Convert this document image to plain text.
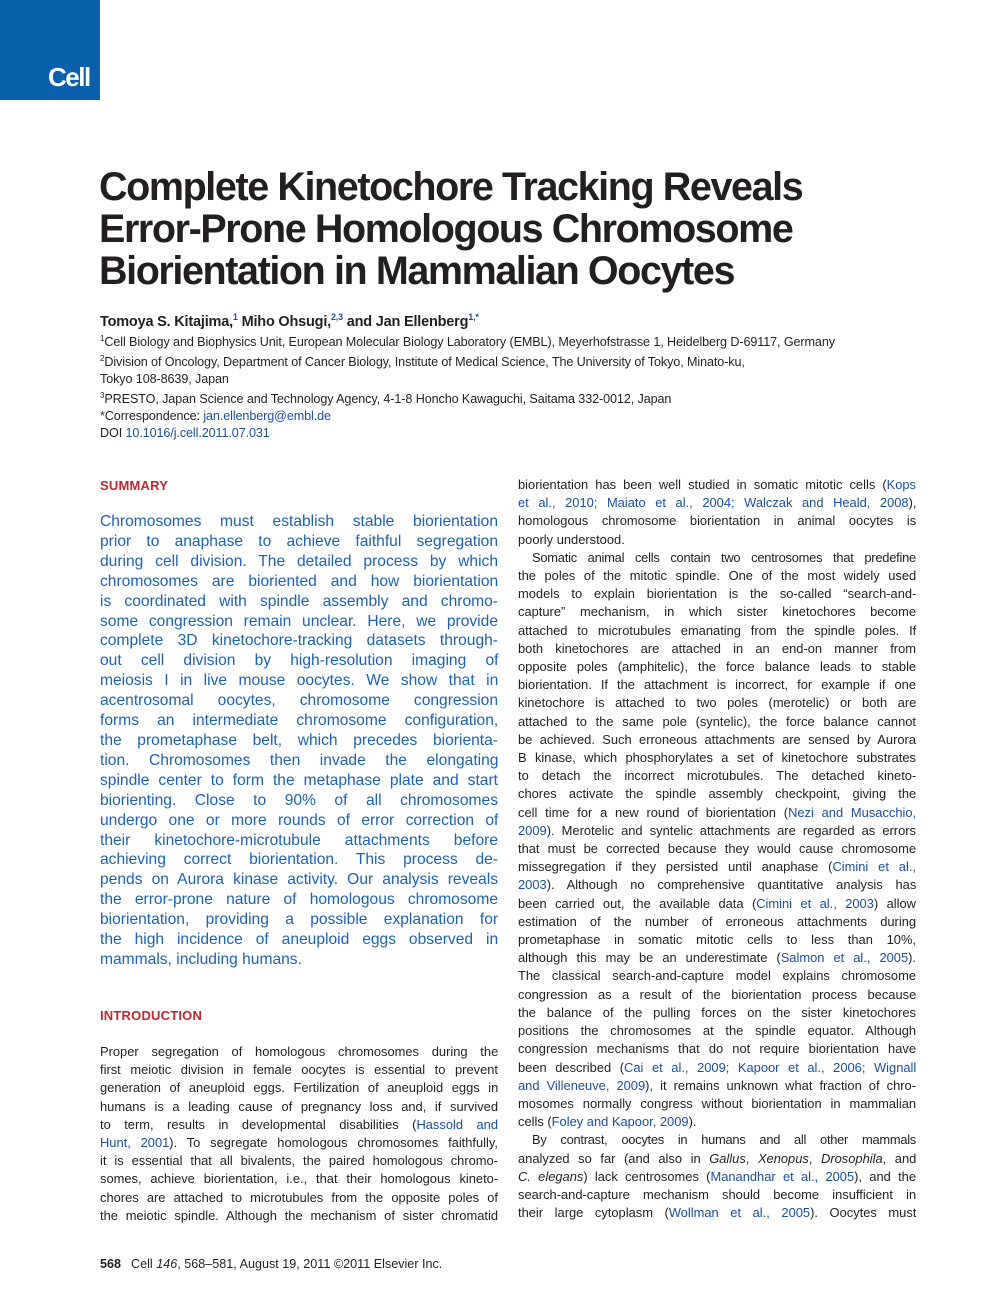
Cell
Complete Kinetochore Tracking Reveals
Error-Prone Homologous Chromosome
Biorientation in Mammalian Oocytes
Tomoya S. Kitajima,$^1$ Miho Ohsugi,$^{2,3}$ and Jan Ellenberg$^{1,*}$
$^1$Cell Biology and Biophysics Unit, European Molecular Biology Laboratory (EMBL), Meyerhofstrasse 1, Heidelberg D-69117, Germany
$^2$Division of Oncology, Department of Cancer Biology, Institute of Medical Science, The University of Tokyo, Minato-ku,
Tokyo 108-8639, Japan
$^3$PRESTO, Japan Science and Technology Agency, 4-1-8 Honcho Kawaguchi, Saitama 332-0012, Japan
*Correspondence: jan.ellenberg@embl.de
DOI 10.1016/j.cell.2011.07.031
SUMMARY
Chromosomes must establish stable biorientation
prior to anaphase to achieve faithful segregation
during cell division. The detailed process by which
chromosomes are bioriented and how biorientation
is coordinated with spindle assembly and chromo-
some congression remain unclear. Here, we provide
complete 3D kinetochore-tracking datasets through-
out cell division by high-resolution imaging of
meiosis I in live mouse oocytes. We show that in
acentrosomal oocytes, chromosome congression
forms an intermediate chromosome configuration,
the prometaphase belt, which precedes biorienta-
tion. Chromosomes then invade the elongating
spindle center to form the metaphase plate and start
biorienting. Close to 90% of all chromosomes
undergo one or more rounds of error correction of
their kinetochore-microtubule attachments before
achieving correct biorientation. This process de-
pends on Aurora kinase activity. Our analysis reveals
the error-prone nature of homologous chromosome
biorientation, providing a possible explanation for
the high incidence of aneuploid eggs observed in
mammals, including humans.
INTRODUCTION
Proper segregation of homologous chromosomes during the
first meiotic division in female oocytes is essential to prevent
generation of aneuploid eggs. Fertilization of aneuploid eggs in
humans is a leading cause of pregnancy loss and, if survived
to term, results in developmental disabilities (Hassold and
Hunt, 2001). To segregate homologous chromosomes faithfully,
it is essential that all bivalents, the paired homologous chromo-
somes, achieve biorientation, i.e., that their homologous kineto-
chores are attached to microtubules from the opposite poles of
the meiotic spindle. Although the mechanism of sister chromatid
biorientation has been well studied in somatic mitotic cells (Kops
et al., 2010; Maiato et al., 2004; Walczak and Heald, 2008),
homologous chromosome biorientation in animal oocytes is
poorly understood.
Somatic animal cells contain two centrosomes that predefine
the poles of the mitotic spindle. One of the most widely used
models to explain biorientation is the so-called “search-and-
capture” mechanism, in which sister kinetochores become
attached to microtubules emanating from the spindle poles. If
both kinetochores are attached in an end-on manner from
opposite poles (amphitelic), the force balance leads to stable
biorientation. If the attachment is incorrect, for example if one
kinetochore is attached to two poles (merotelic) or both are
attached to the same pole (syntelic), the force balance cannot
be achieved. Such erroneous attachments are sensed by Aurora
B kinase, which phosphorylates a set of kinetochore substrates
to detach the incorrect microtubules. The detached kineto-
chores activate the spindle assembly checkpoint, giving the
cell time for a new round of biorientation (Nezi and Musacchio,
2009). Merotelic and syntelic attachments are regarded as errors
that must be corrected because they would cause chromosome
missegregation if they persisted until anaphase (Cimini et al.,
2003). Although no comprehensive quantitative analysis has
been carried out, the available data (Cimini et al., 2003) allow
estimation of the number of erroneous attachments during
prometaphase in somatic mitotic cells to less than 10%,
although this may be an underestimate (Salmon et al., 2005).
The classical search-and-capture model explains chromosome
congression as a result of the biorientation process because
the balance of the pulling forces on the sister kinetochores
positions the chromosomes at the spindle equator. Although
congression mechanisms that do not require biorientation have
been described (Cai et al., 2009; Kapoor et al., 2006; Wignall
and Villeneuve, 2009), it remains unknown what fraction of chro-
mosomes normally congress without biorientation in mammalian
cells (Foley and Kapoor, 2009).
By contrast, oocytes in humans and all other mammals
analyzed so far (and also in Gallus, Xenopus, Drosophila, and
C. elegans) lack centrosomes (Manandhar et al., 2005), and the
search-and-capture mechanism should become insufficient in
their large cytoplasm (Wollman et al., 2005). Oocytes must
568 Cell 146, 568–581, August 19, 2011 ©2011 Elsevier Inc.
